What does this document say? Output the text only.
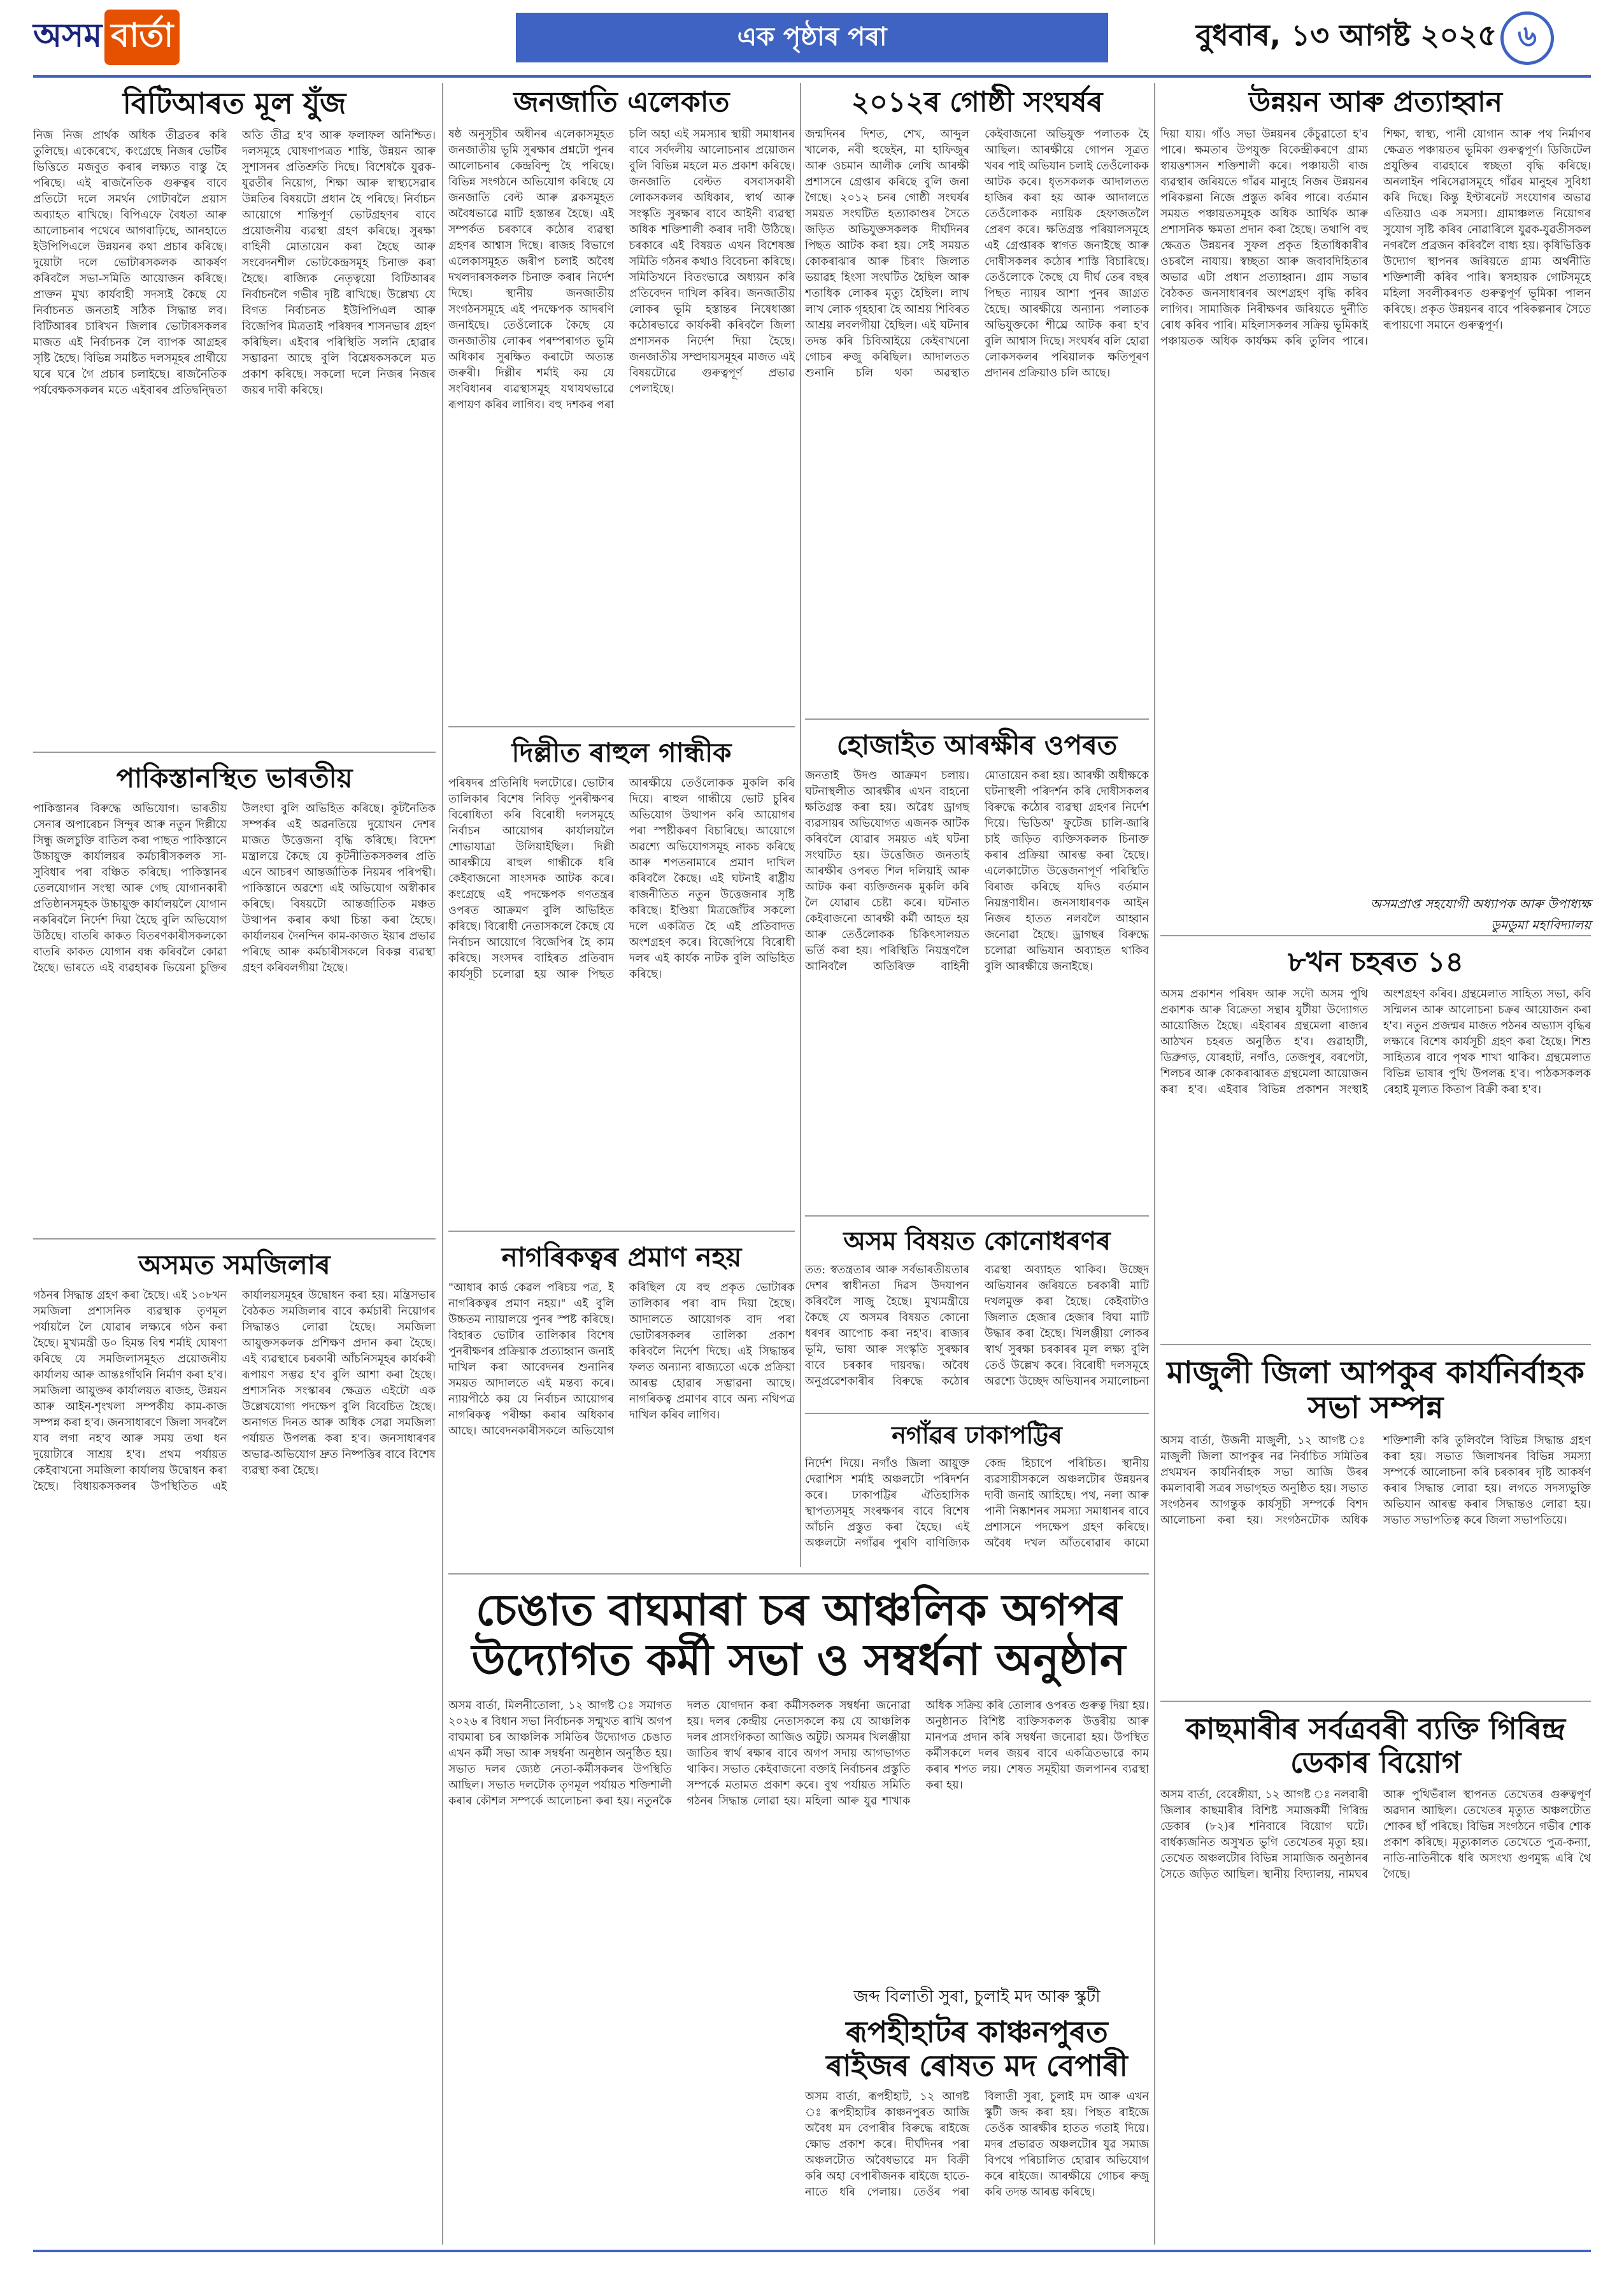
অসম বাৰ্তা	এক পৃষ্ঠাৰ পৰা	বুধবাৰ, ১৩ আগষ্ট ২০২৫ ৬
বিটিআৰত মূল যুঁজ
নিজ নিজ প্ৰাৰ্থক অধিক তীব্ৰতৰ কৰি তুলিছে। একেৰেখে, কংগ্ৰেছে নিজৰ ভেটিৰ ভিত্তিতে মজবুত কৰাৰ লক্ষ্যত বাস্তু হৈ পৰিছে। এই ৰাজনৈতিক গুৰুত্বৰ বাবে প্ৰতিটো দলে সমৰ্থন গোটাবলৈ প্ৰয়াস অব্যাহত ৰাখিছে। বিপিএফে বৈধতা আৰু আলোচনাৰ পথেৰে আগবাঢ়িছে, আনহাতে ইউপিপিএলে উন্নয়নৰ কথা প্ৰচাৰ কৰিছে। দুয়োটা দলে ভোটাৰসকলক আকৰ্ষণ কৰিবলৈ সভা-সমিতি আয়োজন কৰিছে। প্ৰাক্তন মুখ্য কাৰ্যবাহী সদস্যই কৈছে যে নিৰ্বাচনত জনতাই সঠিক সিদ্ধান্ত লব। বিটিআৰৰ চাৰিখন জিলাৰ ভোটাৰসকলৰ মাজত এই নিৰ্বাচনক লৈ ব্যাপক আগ্ৰহৰ সৃষ্টি হৈছে। বিভিন্ন সমষ্টিত দলসমূহৰ প্ৰাৰ্থীয়ে ঘৰে ঘৰে গৈ প্ৰচাৰ চলাইছে। ৰাজনৈতিক পৰ্যবেক্ষকসকলৰ মতে এইবাৰৰ প্ৰতিদ্বন্দ্বিতা অতি তীব্ৰ হ'ব আৰু ফলাফল অনিশ্চিত। দলসমূহে ঘোষণাপত্ৰত শান্তি, উন্নয়ন আৰু সুশাসনৰ প্ৰতিশ্ৰুতি দিছে। বিশেষকৈ যুৱক-যুৱতীৰ নিয়োগ, শিক্ষা আৰু স্বাস্থ্যসেৱাৰ উন্নতিৰ বিষয়টো প্ৰধান হৈ পৰিছে। নিৰ্বাচন আয়োগে শান্তিপূৰ্ণ ভোটগ্ৰহণৰ বাবে প্ৰয়োজনীয় ব্যৱস্থা গ্ৰহণ কৰিছে। সুৰক্ষা বাহিনী মোতায়েন কৰা হৈছে আৰু সংবেদনশীল ভোটকেন্দ্ৰসমূহ চিনাক্ত কৰা হৈছে। ৰাজ্যিক নেতৃত্বয়ো বিটিআৰৰ নিৰ্বাচনলৈ গভীৰ দৃষ্টি ৰাখিছে। উল্লেখ্য যে বিগত নিৰ্বাচনত ইউপিপিএল আৰু বিজেপিৰ মিত্ৰতাই পৰিষদৰ শাসনভাৰ গ্ৰহণ কৰিছিল। এইবাৰ পৰিস্থিতি সলনি হোৱাৰ সম্ভাৱনা আছে বুলি বিশ্লেষকসকলে মত প্ৰকাশ কৰিছে। সকলো দলে নিজৰ নিজৰ জয়ৰ দাবী কৰিছে।
পাকিস্তানস্থিত ভাৰতীয়
পাকিস্তানৰ বিৰুদ্ধে অভিযোগ। ভাৰতীয় সেনাৰ অপাৰেচন সিন্দুৰ আৰু নতুন দিল্লীয়ে সিন্ধু জলচুক্তি বাতিল কৰা পাছত পাকিস্তানে উচ্চায়ুক্ত কাৰ্যালয়ৰ কৰ্মচাৰীসকলক সা-সুবিধাৰ পৰা বঞ্চিত কৰিছে। পাকিস্তানৰ তেলযোগান সংস্থা আৰু গেছ যোগানকাৰী প্ৰতিষ্ঠানসমূহক উচ্চায়ুক্ত কাৰ্যালয়লৈ যোগান নকৰিবলৈ নিৰ্দেশ দিয়া হৈছে বুলি অভিযোগ উঠিছে। বাতৰি কাকত বিতৰণকাৰীসকলকো বাতৰি কাকত যোগান বন্ধ কৰিবলৈ কোৱা হৈছে। ভাৰতে এই ব্যৱহাৰক ভিয়েনা চুক্তিৰ উলংঘা বুলি অভিহিত কৰিছে। কূটনৈতিক সম্পৰ্কৰ এই অৱনতিয়ে দুয়োখন দেশৰ মাজত উত্তেজনা বৃদ্ধি কৰিছে। বিদেশ মন্ত্ৰালয়ে কৈছে যে কূটনীতিকসকলৰ প্ৰতি এনে আচৰণ আন্তৰ্জাতিক নিয়মৰ পৰিপন্থী। পাকিস্তানে অৱশ্যে এই অভিযোগ অস্বীকাৰ কৰিছে। বিষয়টো আন্তৰ্জাতিক মঞ্চত উত্থাপন কৰাৰ কথা চিন্তা কৰা হৈছে। কাৰ্যালয়ৰ দৈনন্দিন কাম-কাজত ইয়াৰ প্ৰভাৱ পৰিছে আৰু কৰ্মচাৰীসকলে বিকল্প ব্যৱস্থা গ্ৰহণ কৰিবলগীয়া হৈছে।
অসমত সমজিলাৰ
গঠনৰ সিদ্ধান্ত গ্ৰহণ কৰা হৈছে। এই ১০৮খন সমজিলা প্ৰশাসনিক ব্যৱস্থাক তৃণমূল পৰ্যায়লৈ লৈ যোৱাৰ লক্ষ্যৰে গঠন কৰা হৈছে। মুখ্যমন্ত্ৰী ড০ হিমন্ত বিশ্ব শৰ্মাই ঘোষণা কৰিছে যে সমজিলাসমূহত প্ৰয়োজনীয় কাৰ্যালয় আৰু আন্তঃগাঁথনি নিৰ্মাণ কৰা হ'ব। সমজিলা আয়ুক্তৰ কাৰ্যালয়ত ৰাজহ, উন্নয়ন আৰু আইন-শৃংখলা সম্পৰ্কীয় কাম-কাজ সম্পন্ন কৰা হ'ব। জনসাধাৰণে জিলা সদৰলৈ যাব লগা নহ'ব আৰু সময় তথা ধন দুয়োটাৰে সাশ্ৰয় হ'ব। প্ৰথম পৰ্যায়ত কেইবাখনো সমজিলা কাৰ্যালয় উদ্বোধন কৰা হৈছে। বিধায়কসকলৰ উপস্থিতিত এই কাৰ্যালয়সমূহৰ উদ্বোধন কৰা হয়। মন্ত্ৰিসভাৰ বৈঠকত সমজিলাৰ বাবে কৰ্মচাৰী নিয়োগৰ সিদ্ধান্তও লোৱা হৈছে। সমজিলা আয়ুক্তসকলক প্ৰশিক্ষণ প্ৰদান কৰা হৈছে। এই ব্যৱস্থাৰে চৰকাৰী আঁচনিসমূহৰ কাৰ্যকৰী ৰূপায়ণ সম্ভৱ হ'ব বুলি আশা কৰা হৈছে। প্ৰশাসনিক সংস্কাৰৰ ক্ষেত্ৰত এইটো এক উল্লেখযোগ্য পদক্ষেপ বুলি বিবেচিত হৈছে। অনাগত দিনত আৰু অধিক সেৱা সমজিলা পৰ্যায়ত উপলব্ধ কৰা হ'ব। জনসাধাৰণৰ অভাৱ-অভিযোগ দ্ৰুত নিষ্পত্তিৰ বাবে বিশেষ ব্যৱস্থা কৰা হৈছে।
জনজাতি এলেকাত
ষষ্ঠ অনুসূচীৰ অধীনৰ এলেকাসমূহত জনজাতীয় ভূমি সুৰক্ষাৰ প্ৰশ্নটো পুনৰ আলোচনাৰ কেন্দ্ৰবিন্দু হৈ পৰিছে। বিভিন্ন সংগঠনে অভিযোগ কৰিছে যে জনজাতি বেল্ট আৰু ব্লকসমূহত অবৈধভাৱে মাটি হস্তান্তৰ হৈছে। এই সম্পৰ্কত চৰকাৰে কঠোৰ ব্যৱস্থা গ্ৰহণৰ আশ্বাস দিছে। ৰাজহ বিভাগে এলেকাসমূহত জৰীপ চলাই অবৈধ দখলদাৰসকলক চিনাক্ত কৰাৰ নিৰ্দেশ দিছে। স্থানীয় জনজাতীয় সংগঠনসমূহে এই পদক্ষেপক আদৰণি জনাইছে। তেওঁলোকে কৈছে যে জনজাতীয় লোকৰ পৰম্পৰাগত ভূমি অধিকাৰ সুৰক্ষিত কৰাটো অত্যন্ত জৰুৰী। দিল্লীৰ শৰ্মাই কয় যে সংবিধানৰ ব্যৱস্থাসমূহ যথাযথভাৱে ৰূপায়ণ কৰিব লাগিব। বহু দশকৰ পৰা চলি অহা এই সমস্যাৰ স্থায়ী সমাধানৰ বাবে সৰ্বদলীয় আলোচনাৰ প্ৰয়োজন বুলি বিভিন্ন মহলে মত প্ৰকাশ কৰিছে। জনজাতি বেল্টত বসবাসকাৰী লোকসকলৰ অধিকাৰ, স্বাৰ্থ আৰু সংস্কৃতি সুৰক্ষাৰ বাবে আইনী ব্যৱস্থা অধিক শক্তিশালী কৰাৰ দাবী উঠিছে। চৰকাৰে এই বিষয়ত এখন বিশেষজ্ঞ সমিতি গঠনৰ কথাও বিবেচনা কৰিছে। সমিতিখনে বিতংভাৱে অধ্যয়ন কৰি প্ৰতিবেদন দাখিল কৰিব। জনজাতীয় লোকৰ ভূমি হস্তান্তৰ নিষেধাজ্ঞা কঠোৰভাৱে কাৰ্যকৰী কৰিবলৈ জিলা প্ৰশাসনক নিৰ্দেশ দিয়া হৈছে। জনজাতীয় সম্প্ৰদায়সমূহৰ মাজত এই বিষয়টোৱে গুৰুত্বপূৰ্ণ প্ৰভাৱ পেলাইছে।
দিল্লীত ৰাহুল গান্ধীক
পৰিষদৰ প্ৰতিনিধি দলটোৱে। ভোটাৰ তালিকাৰ বিশেষ নিবিড় পুনৰীক্ষণৰ বিৰোধিতা কৰি বিৰোধী দলসমূহে নিৰ্বাচন আয়োগৰ কাৰ্যালয়লৈ শোভাযাত্ৰা উলিয়াইছিল। দিল্লী আৰক্ষীয়ে ৰাহুল গান্ধীকে ধৰি কেইবাজনো সাংসদক আটক কৰে। কংগ্ৰেছে এই পদক্ষেপক গণতন্ত্ৰৰ ওপৰত আক্ৰমণ বুলি অভিহিত কৰিছে। বিৰোধী নেতাসকলে কৈছে যে নিৰ্বাচন আয়োগে বিজেপিৰ হৈ কাম কৰিছে। সংসদৰ বাহিৰত প্ৰতিবাদ কাৰ্যসূচী চলোৱা হয় আৰু পিছত আৰক্ষীয়ে তেওঁলোকক মুকলি কৰি দিয়ে। ৰাহুল গান্ধীয়ে ভোট চুৰিৰ অভিযোগ উত্থাপন কৰি আয়োগৰ পৰা স্পষ্টীকৰণ বিচাৰিছে। আয়োগে অৱশ্যে অভিযোগসমূহ নাকচ কৰিছে আৰু শপতনামাৰে প্ৰমাণ দাখিল কৰিবলৈ কৈছে। এই ঘটনাই ৰাষ্ট্ৰীয় ৰাজনীতিত নতুন উত্তেজনাৰ সৃষ্টি কৰিছে। ইণ্ডিয়া মিত্ৰজোঁটৰ সকলো দলে একত্ৰিত হৈ এই প্ৰতিবাদত অংশগ্ৰহণ কৰে। বিজেপিয়ে বিৰোধী দলৰ এই কাৰ্যক নাটক বুলি অভিহিত কৰিছে।
নাগৰিকত্বৰ প্ৰমাণ নহয়
"আধাৰ কাৰ্ড কেৱল পৰিচয় পত্ৰ, ই নাগৰিকত্বৰ প্ৰমাণ নহয়।" এই বুলি উচ্চতম ন্যায়ালয়ে পুনৰ স্পষ্ট কৰিছে। বিহাৰত ভোটাৰ তালিকাৰ বিশেষ পুনৰীক্ষণৰ প্ৰক্ৰিয়াক প্ৰত্যাহ্বান জনাই দাখিল কৰা আবেদনৰ শুনানিৰ সময়ত আদালতে এই মন্তব্য কৰে। ন্যায়পীঠে কয় যে নিৰ্বাচন আয়োগৰ নাগৰিকত্ব পৰীক্ষা কৰাৰ অধিকাৰ আছে। আবেদনকাৰীসকলে অভিযোগ কৰিছিল যে বহু প্ৰকৃত ভোটাৰক তালিকাৰ পৰা বাদ দিয়া হৈছে। আদালতে আয়োগক বাদ পৰা ভোটাৰসকলৰ তালিকা প্ৰকাশ কৰিবলৈ নিৰ্দেশ দিছে। এই সিদ্ধান্তৰ ফলত অন্যান্য ৰাজ্যতো একে প্ৰক্ৰিয়া আৰম্ভ হোৱাৰ সম্ভাৱনা আছে। নাগৰিকত্ব প্ৰমাণৰ বাবে অন্য নথিপত্ৰ দাখিল কৰিব লাগিব।
২০১২ৰ গোষ্ঠী সংঘৰ্ষৰ
জন্মদিনৰ দিশত, শেখ, আব্দুল খালেক, নবী হুছেইন, মা হাফিজুৰ আৰু ওচমান আলীক লেখি আৰক্ষী প্ৰশাসনে গ্ৰেপ্তাৰ কৰিছে বুলি জনা গৈছে। ২০১২ চনৰ গোষ্ঠী সংঘৰ্ষৰ সময়ত সংঘটিত হত্যাকাণ্ডৰ সৈতে জড়িত অভিযুক্তসকলক দীৰ্ঘদিনৰ পিছত আটক কৰা হয়। সেই সময়ত কোকৰাঝাৰ আৰু চিৰাং জিলাত ভয়াৱহ হিংসা সংঘটিত হৈছিল আৰু শতাধিক লোকৰ মৃত্যু হৈছিল। লাখ লাখ লোক গৃহহাৰা হৈ আশ্ৰয় শিবিৰত আশ্ৰয় লবলগীয়া হৈছিল। এই ঘটনাৰ তদন্ত কৰি চিবিআইয়ে কেইবাখনো গোচৰ ৰুজু কৰিছিল। আদালতত শুনানি চলি থকা অৱস্থাত কেইবাজনো অভিযুক্ত পলাতক হৈ আছিল। আৰক্ষীয়ে গোপন সূত্ৰত খবৰ পাই অভিযান চলাই তেওঁলোকক আটক কৰে। ধৃতসকলক আদালতত হাজিৰ কৰা হয় আৰু আদালতে তেওঁলোকক ন্যায়িক হেফাজতলৈ প্ৰেৰণ কৰে। ক্ষতিগ্ৰস্ত পৰিয়ালসমূহে এই গ্ৰেপ্তাৰক স্বাগত জনাইছে আৰু দোষীসকলৰ কঠোৰ শাস্তি বিচাৰিছে। তেওঁলোকে কৈছে যে দীৰ্ঘ তেৰ বছৰ পিছত ন্যায়ৰ আশা পুনৰ জাগ্ৰত হৈছে। আৰক্ষীয়ে অন্যান্য পলাতক অভিযুক্তকো শীঘ্ৰে আটক কৰা হ'ব বুলি আশ্বাস দিছে। সংঘৰ্ষৰ বলি হোৱা লোকসকলৰ পৰিয়ালক ক্ষতিপূৰণ প্ৰদানৰ প্ৰক্ৰিয়াও চলি আছে।
হোজাইত আৰক্ষীৰ ওপৰত
জনতাই উদণ্ড আক্ৰমণ চলায়। ঘটনাস্থলীত আৰক্ষীৰ এখন বাহনো ক্ষতিগ্ৰস্ত কৰা হয়। অৱৈধ ড্ৰাগছ ব্যৱসায়ৰ অভিযোগত এজনক আটক কৰিবলৈ যোৱাৰ সময়ত এই ঘটনা সংঘটিত হয়। উত্তেজিত জনতাই আৰক্ষীৰ ওপৰত শিল দলিয়াই আৰু আটক কৰা ব্যক্তিজনক মুকলি কৰি লৈ যোৱাৰ চেষ্টা কৰে। ঘটনাত কেইবাজনো আৰক্ষী কৰ্মী আহত হয় আৰু তেওঁলোকক চিকিৎসালয়ত ভৰ্তি কৰা হয়। পৰিস্থিতি নিয়ন্ত্ৰণলৈ আনিবলৈ অতিৰিক্ত বাহিনী মোতায়েন কৰা হয়। আৰক্ষী অধীক্ষকে ঘটনাস্থলী পৰিদৰ্শন কৰি দোষীসকলৰ বিৰুদ্ধে কঠোৰ ব্যৱস্থা গ্ৰহণৰ নিৰ্দেশ দিয়ে। ভিডিঅ' ফুটেজ চালি-জাৰি চাই জড়িত ব্যক্তিসকলক চিনাক্ত কৰাৰ প্ৰক্ৰিয়া আৰম্ভ কৰা হৈছে। এলেকাটোত উত্তেজনাপূৰ্ণ পৰিস্থিতি বিৰাজ কৰিছে যদিও বৰ্তমান নিয়ন্ত্ৰণাধীন। জনসাধাৰণক আইন নিজৰ হাতত নলবলৈ আহ্বান জনোৱা হৈছে। ড্ৰাগছৰ বিৰুদ্ধে চলোৱা অভিযান অব্যাহত থাকিব বুলি আৰক্ষীয়ে জনাইছে।
অসম বিষয়ত কোনোধৰণৰ
তত: স্বতন্ত্ৰতাৰ আৰু সৰ্বভাৰতীয়তাৰ দেশৰ স্বাধীনতা দিৱস উদযাপন কৰিবলৈ সাজু হৈছে। মুখ্যমন্ত্ৰীয়ে কৈছে যে অসমৰ বিষয়ত কোনো ধৰণৰ আপোচ কৰা নহ'ব। ৰাজ্যৰ ভূমি, ভাষা আৰু সংস্কৃতি সুৰক্ষাৰ বাবে চৰকাৰ দায়বদ্ধ। অবৈধ অনুপ্ৰৱেশকাৰীৰ বিৰুদ্ধে কঠোৰ ব্যৱস্থা অব্যাহত থাকিব। উচ্ছেদ অভিযানৰ জৰিয়তে চৰকাৰী মাটি দখলমুক্ত কৰা হৈছে। কেইবাটাও জিলাত হেজাৰ হেজাৰ বিঘা মাটি উদ্ধাৰ কৰা হৈছে। খিলঞ্জীয়া লোকৰ স্বাৰ্থ সুৰক্ষা চৰকাৰৰ মূল লক্ষ্য বুলি তেওঁ উল্লেখ কৰে। বিৰোধী দলসমূহে অৱশ্যে উচ্ছেদ অভিযানৰ সমালোচনা
নগাঁৱৰ ঢাকাপট্টিৰ
নিৰ্দেশ দিয়ে। নগাঁও জিলা আয়ুক্ত দেৱাশিস শৰ্মাই অঞ্চলটো পৰিদৰ্শন কৰে। ঢাকাপট্টিৰ ঐতিহাসিক স্থাপত্যসমূহ সংৰক্ষণৰ বাবে বিশেষ আঁচনি প্ৰস্তুত কৰা হৈছে। এই অঞ্চলটো নগাঁৱৰ পুৰণি বাণিজ্যিক কেন্দ্ৰ হিচাপে পৰিচিত। স্থানীয় ব্যৱসায়ীসকলে অঞ্চলটোৰ উন্নয়নৰ দাবী জনাই আহিছে। পথ, নলা আৰু পানী নিষ্কাশনৰ সমস্যা সমাধানৰ বাবে প্ৰশাসনে পদক্ষেপ গ্ৰহণ কৰিছে। অবৈধ দখল আঁতৰোৱাৰ কামো
উন্নয়ন আৰু প্ৰত্যাহ্বান
দিয়া যায়। গাঁও সভা উন্নয়নৰ কেঁচুৱাতো হ'ব পাৰে। ক্ষমতাৰ উপযুক্ত বিকেন্দ্ৰীকৰণে গ্ৰাম্য স্বায়ত্তশাসন শক্তিশালী কৰে। পঞ্চায়তী ৰাজ ব্যৱস্থাৰ জৰিয়তে গাঁৱৰ মানুহে নিজৰ উন্নয়নৰ পৰিকল্পনা নিজে প্ৰস্তুত কৰিব পাৰে। বৰ্তমান সময়ত পঞ্চায়তসমূহক অধিক আৰ্থিক আৰু প্ৰশাসনিক ক্ষমতা প্ৰদান কৰা হৈছে। তথাপি বহু ক্ষেত্ৰত উন্নয়নৰ সুফল প্ৰকৃত হিতাধিকাৰীৰ ওচৰলৈ নাযায়। স্বচ্ছতা আৰু জবাবদিহিতাৰ অভাৱ এটা প্ৰধান প্ৰত্যাহ্বান। গ্ৰাম সভাৰ বৈঠকত জনসাধাৰণৰ অংশগ্ৰহণ বৃদ্ধি কৰিব লাগিব। সামাজিক নিৰীক্ষণৰ জৰিয়তে দুৰ্নীতি ৰোধ কৰিব পাৰি। মহিলাসকলৰ সক্ৰিয় ভূমিকাই পঞ্চায়তক অধিক কাৰ্যক্ষম কৰি তুলিব পাৰে। শিক্ষা, স্বাস্থ্য, পানী যোগান আৰু পথ নিৰ্মাণৰ ক্ষেত্ৰত পঞ্চায়তৰ ভূমিকা গুৰুত্বপূৰ্ণ। ডিজিটেল প্ৰযুক্তিৰ ব্যৱহাৰে স্বচ্ছতা বৃদ্ধি কৰিছে। অনলাইন পৰিসেৱাসমূহে গাঁৱৰ মানুহৰ সুবিধা কৰি দিছে। কিন্তু ইণ্টাৰনেট সংযোগৰ অভাৱ এতিয়াও এক সমস্যা। গ্ৰামাঞ্চলত নিয়োগৰ সুযোগ সৃষ্টি কৰিব নোৱাৰিলে যুৱক-যুৱতীসকল নগৰলৈ প্ৰব্ৰজন কৰিবলৈ বাধ্য হয়। কৃষিভিত্তিক উদ্যোগ স্থাপনৰ জৰিয়তে গ্ৰাম্য অৰ্থনীতি শক্তিশালী কৰিব পাৰি। স্বসহায়ক গোটসমূহে মহিলা সবলীকৰণত গুৰুত্বপূৰ্ণ ভূমিকা পালন কৰিছে। প্ৰকৃত উন্নয়নৰ বাবে পৰিকল্পনাৰ সৈতে ৰূপায়ণো সমানে গুৰুত্বপূৰ্ণ।
অসমপ্ৰাপ্ত সহযোগী অধ্যাপক আৰু উপাধ্যক্ষ
ডুমডুমা মহাবিদ্যালয়
৮খন চহৰত ১৪
অসম প্ৰকাশন পৰিষদ আৰু সদৌ অসম পুথি প্ৰকাশক আৰু বিক্ৰেতা সন্থাৰ যুটীয়া উদ্যোগত আয়োজিত হৈছে। এইবাৰৰ গ্ৰন্থমেলা ৰাজ্যৰ আঠখন চহৰত অনুষ্ঠিত হ'ব। গুৱাহাটী, ডিব্ৰুগড়, যোৰহাট, নগাঁও, তেজপুৰ, বৰপেটা, শিলচৰ আৰু কোকৰাঝাৰত গ্ৰন্থমেলা আয়োজন কৰা হ'ব। এইবাৰ বিভিন্ন প্ৰকাশন সংস্থাই অংশগ্ৰহণ কৰিব। গ্ৰন্থমেলাত সাহিত্য সভা, কবি সন্মিলন আৰু আলোচনা চক্ৰৰ আয়োজন কৰা হ'ব। নতুন প্ৰজন্মৰ মাজত পঠনৰ অভ্যাস বৃদ্ধিৰ লক্ষ্যৰে বিশেষ কাৰ্যসূচী গ্ৰহণ কৰা হৈছে। শিশু সাহিত্যৰ বাবে পৃথক শাখা থাকিব। গ্ৰন্থমেলাত বিভিন্ন ভাষাৰ পুথি উপলব্ধ হ'ব। পাঠকসকলক ৰেহাই মূল্যত কিতাপ বিক্ৰী কৰা হ'ব।
মাজুলী জিলা আপকুৰ কাৰ্যনিৰ্বাহক সভা সম্পন্ন
অসম বাৰ্তা, উজনী মাজুলী, ১২ আগষ্ট ঃ মাজুলী জিলা আপকুৰ নৱ নিৰ্বাচিত সমিতিৰ প্ৰথমখন কাৰ্যনিৰ্বাহক সভা আজি উৰৰ কমলাবাৰী সত্ৰৰ সভাগৃহত অনুষ্ঠিত হয়। সভাত সংগঠনৰ আগন্তুক কাৰ্যসূচী সম্পৰ্কে বিশদ আলোচনা কৰা হয়। সংগঠনটোক অধিক শক্তিশালী কৰি তুলিবলৈ বিভিন্ন সিদ্ধান্ত গ্ৰহণ কৰা হয়। সভাত জিলাখনৰ বিভিন্ন সমস্যা সম্পৰ্কে আলোচনা কৰি চৰকাৰৰ দৃষ্টি আকৰ্ষণ কৰাৰ সিদ্ধান্ত লোৱা হয়। লগতে সদস্যভুক্তি অভিযান আৰম্ভ কৰাৰ সিদ্ধান্তও লোৱা হয়। সভাত সভাপতিত্ব কৰে জিলা সভাপতিয়ে।
কাছমাৰীৰ সৰ্বত্ৰবৰী ব্যক্তি গিৰিন্দ্ৰ ডেকাৰ বিয়োগ
অসম বাৰ্তা, বেৰেঙ্গীয়া, ১২ আগষ্ট ঃ নলবাৰী জিলাৰ কাছমাৰীৰ বিশিষ্ট সমাজকৰ্মী গিৰিন্দ্ৰ ডেকাৰ (৮২)ৰ শনিবাৰে বিয়োগ ঘটে। বাৰ্ধক্যজনিত অসুখত ভুগি তেখেতৰ মৃত্যু হয়। তেখেত অঞ্চলটোৰ বিভিন্ন সামাজিক অনুষ্ঠানৰ সৈতে জড়িত আছিল। স্থানীয় বিদ্যালয়, নামঘৰ আৰু পুথিভঁৰাল স্থাপনত তেখেতৰ গুৰুত্বপূৰ্ণ অৱদান আছিল। তেখেতৰ মৃত্যুত অঞ্চলটোত শোকৰ ছাঁ পৰিছে। বিভিন্ন সংগঠনে গভীৰ শোক প্ৰকাশ কৰিছে। মৃত্যুকালত তেখেতে পুত্ৰ-কন্যা, নাতি-নাতিনীকে ধৰি অসংখ্য গুণমুগ্ধ এৰি থৈ গৈছে।
চেঙাত বাঘমাৰা চৰ আঞ্চলিক অগপৰ উদ্যোগত কৰ্মী সভা ও সম্বৰ্ধনা অনুষ্ঠান
অসম বাৰ্তা, মিলনীতোলা, ১২ আগষ্ট ঃ সমাগত ২০২৬ ৰ বিধান সভা নিৰ্বাচনক সন্মুখত ৰাখি অগপ বাঘমাৰা চৰ আঞ্চলিক সমিতিৰ উদ্যোগত চেঙাত এখন কৰ্মী সভা আৰু সম্বৰ্ধনা অনুষ্ঠান অনুষ্ঠিত হয়। সভাত দলৰ জ্যেষ্ঠ নেতা-কৰ্মীসকলৰ উপস্থিতি আছিল। সভাত দলটোক তৃণমূল পৰ্যায়ত শক্তিশালী কৰাৰ কৌশল সম্পৰ্কে আলোচনা কৰা হয়। নতুনকৈ দলত যোগদান কৰা কৰ্মীসকলক সম্বৰ্ধনা জনোৱা হয়। দলৰ কেন্দ্ৰীয় নেতাসকলে কয় যে আঞ্চলিক দলৰ প্ৰাসংগিকতা আজিও অটুট। অসমৰ খিলঞ্জীয়া জাতিৰ স্বাৰ্থ ৰক্ষাৰ বাবে অগপ সদায় আগভাগত থাকিব। সভাত কেইবাজনো বক্তাই নিৰ্বাচনৰ প্ৰস্তুতি সম্পৰ্কে মতামত প্ৰকাশ কৰে। বুথ পৰ্যায়ত সমিতি গঠনৰ সিদ্ধান্ত লোৱা হয়। মহিলা আৰু যুৱ শাখাক অধিক সক্ৰিয় কৰি তোলাৰ ওপৰত গুৰুত্ব দিয়া হয়। অনুষ্ঠানত বিশিষ্ট ব্যক্তিসকলক উত্তৰীয় আৰু মানপত্ৰ প্ৰদান কৰি সম্বৰ্ধনা জনোৱা হয়। উপস্থিত কৰ্মীসকলে দলৰ জয়ৰ বাবে একত্ৰিতভাৱে কাম কৰাৰ শপত লয়। শেষত সমূহীয়া জলপানৰ ব্যৱস্থা কৰা হয়।
জব্দ বিলাতী সুৰা, চুলাই মদ আৰু স্কুটী
ৰূপহীহাটৰ কাঞ্চনপুৰত ৰাইজৰ ৰোষত মদ বেপাৰী
অসম বাৰ্তা, ৰূপহীহাট, ১২ আগষ্ট ঃ ৰূপহীহাটৰ কাঞ্চনপুৰত আজি অবৈধ মদ বেপাৰীৰ বিৰুদ্ধে ৰাইজে ক্ষোভ প্ৰকাশ কৰে। দীৰ্ঘদিনৰ পৰা অঞ্চলটোত অবৈধভাৱে মদ বিক্ৰী কৰি অহা বেপাৰীজনক ৰাইজে হাতে-নাতে ধৰি পেলায়। তেওঁৰ পৰা বিলাতী সুৰা, চুলাই মদ আৰু এখন স্কুটী জব্দ কৰা হয়। পিছত ৰাইজে তেওঁক আৰক্ষীৰ হাতত গতাই দিয়ে। মদৰ প্ৰভাৱত অঞ্চলটোৰ যুৱ সমাজ বিপথে পৰিচালিত হোৱাৰ অভিযোগ কৰে ৰাইজে। আৰক্ষীয়ে গোচৰ ৰুজু কৰি তদন্ত আৰম্ভ কৰিছে।
